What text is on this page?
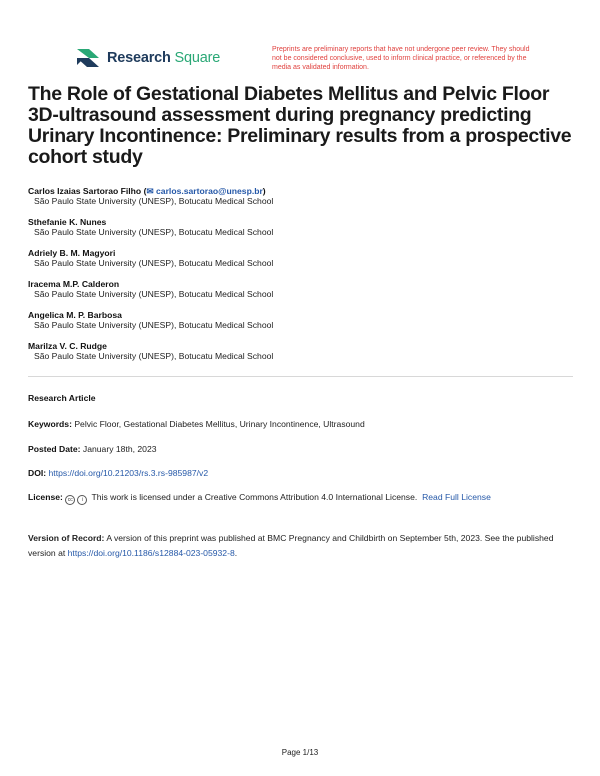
Research Square
Preprints are preliminary reports that have not undergone peer review. They should not be considered conclusive, used to inform clinical practice, or referenced by the media as validated information.
The Role of Gestational Diabetes Mellitus and Pelvic Floor 3D-ultrasound assessment during pregnancy predicting Urinary Incontinence: Preliminary results from a prospective cohort study
Carlos Izaias Sartorao Filho (✉ carlos.sartorao@unesp.br)
São Paulo State University (UNESP), Botucatu Medical School
Sthefanie K. Nunes
São Paulo State University (UNESP), Botucatu Medical School
Adriely B. M. Magyori
São Paulo State University (UNESP), Botucatu Medical School
Iracema M.P. Calderon
São Paulo State University (UNESP), Botucatu Medical School
Angelica M. P. Barbosa
São Paulo State University (UNESP), Botucatu Medical School
Marilza V. C. Rudge
São Paulo State University (UNESP), Botucatu Medical School
Research Article
Keywords: Pelvic Floor, Gestational Diabetes Mellitus, Urinary Incontinence, Ultrasound
Posted Date: January 18th, 2023
DOI: https://doi.org/10.21203/rs.3.rs-985987/v2
License: cc i This work is licensed under a Creative Commons Attribution 4.0 International License. Read Full License
Version of Record: A version of this preprint was published at BMC Pregnancy and Childbirth on September 5th, 2023. See the published version at https://doi.org/10.1186/s12884-023-05932-8.
Page 1/13
